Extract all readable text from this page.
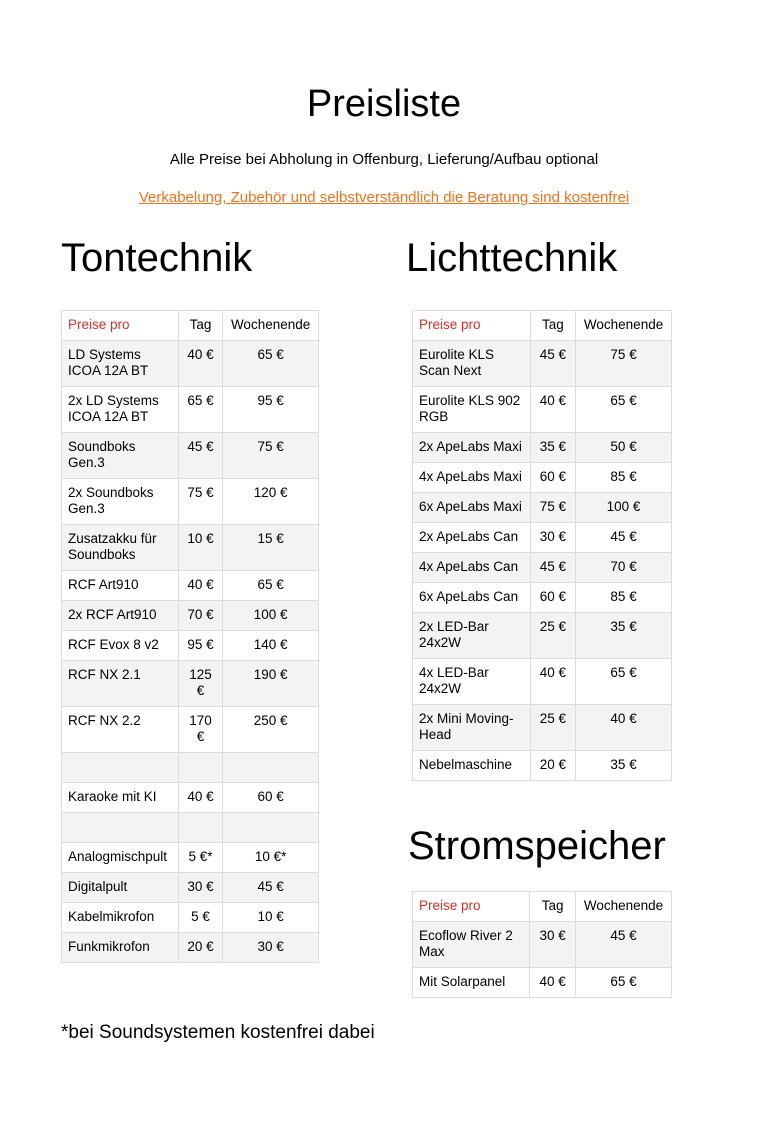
Preisliste
Alle Preise bei Abholung in Offenburg, Lieferung/Aufbau optional
Verkabelung, Zubehör und selbstverständlich die Beratung sind kostenfrei
Tontechnik	Lichttechnik
Stromspeicher
Preise pro	Tag	Wochenende
LD Systems ICOA 12A BT	40 €	65 €
2x LD Systems ICOA 12A BT	65 €	95 €
Soundboks Gen.3	45 €	75 €
2x Soundboks Gen.3	75 €	120 €
Zusatzakku für Soundboks	10 €	15 €
RCF Art910	40 €	65 €
2x RCF Art910	70 €	100 €
RCF Evox 8 v2	95 €	140 €
RCF NX 2.1	125 €	190 €
RCF NX 2.2	170 €	250 €

Karaoke mit KI	40 €	60 €

Analogmischpult	5 €*	10 €*
Digitalpult	30 €	45 €
Kabelmikrofon	5 €	10 €
Funkmikrofon	20 €	30 €
Preise pro	Tag	Wochenende
Eurolite KLS Scan Next	45 €	75 €
Eurolite KLS 902 RGB	40 €	65 €
2x ApeLabs Maxi	35 €	50 €
4x ApeLabs Maxi	60 €	85 €
6x ApeLabs Maxi	75 €	100 €
2x ApeLabs Can	30 €	45 €
4x ApeLabs Can	45 €	70 €
6x ApeLabs Can	60 €	85 €
2x LED-Bar 24x2W	25 €	35 €
4x LED-Bar 24x2W	40 €	65 €
2x Mini Moving-Head	25 €	40 €
Nebelmaschine	20 €	35 €
Preise pro	Tag	Wochenende
Ecoflow River 2 Max	30 €	45 €
Mit Solarpanel	40 €	65 €
*bei Soundsystemen kostenfrei dabei
